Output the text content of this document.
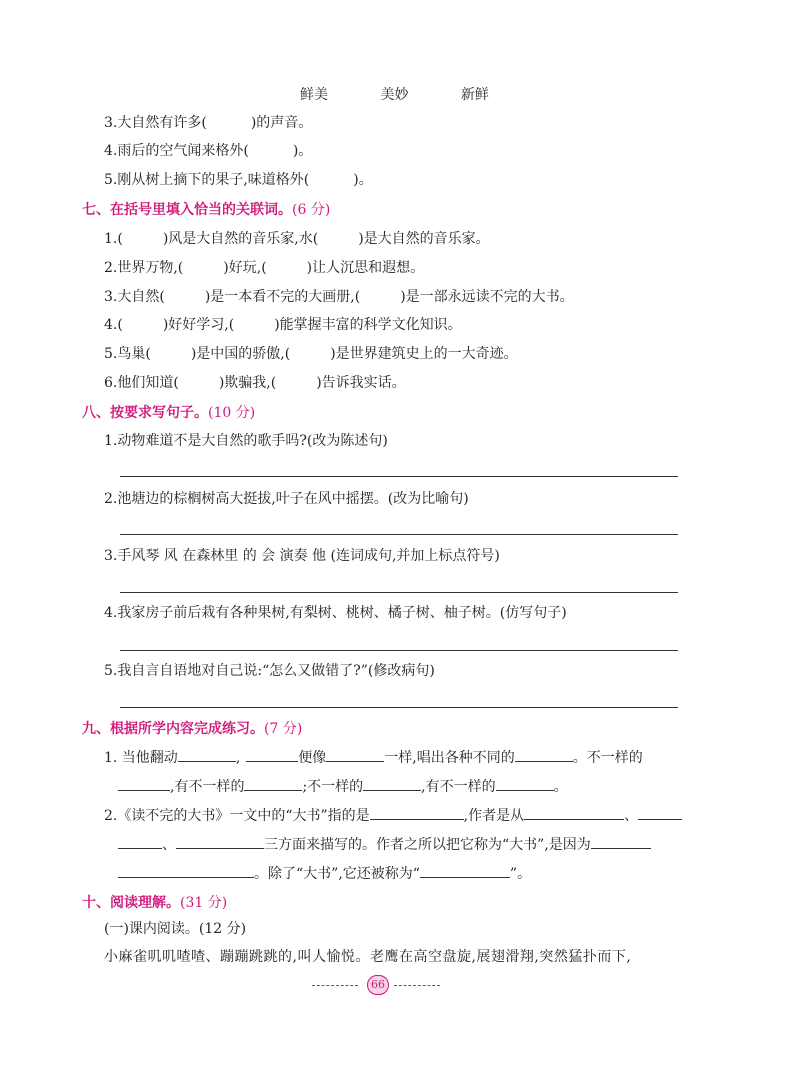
鲜美	美妙	新鲜
3.大自然有许多(	)的声音。
4.雨后的空气闻来格外(	)。
5.刚从树上摘下的果子,味道格外(	)。
七、在括号里填入恰当的关联词。(6 分)
1.(	)风是大自然的音乐家,水(	)是大自然的音乐家。
2.世界万物,(	)好玩,(	)让人沉思和遐想。
3.大自然(	)是一本看不完的大画册,(	)是一部永远读不完的大书。
4.(	)好好学习,(	)能掌握丰富的科学文化知识。
5.鸟巢(	)是中国的骄傲,(	)是世界建筑史上的一大奇迹。
6.他们知道(	)欺骗我,(	)告诉我实话。
八、按要求写句子。(10 分)
1.动物难道不是大自然的歌手吗?(改为陈述句)
2.池塘边的棕榈树高大挺拔,叶子在风中摇摆。(改为比喻句)
3.手风琴 风 在森林里 的 会 演奏 他 (连词成句,并加上标点符号)
4.我家房子前后栽有各种果树,有梨树、桃树、橘子树、柚子树。(仿写句子)
5.我自言自语地对自己说:“怎么又做错了?”(修改病句)
九、根据所学内容完成练习。(7 分)
1. 当他翻动	,	便像	一样,唱出各种不同的	。不一样的
,有不一样的	;不一样的	,有不一样的	。
2.《读不完的大书》一文中的“大书”指的是	,作者是从	、
、	三方面来描写的。作者之所以把它称为“大书”,是因为
。除了“大书”,它还被称为“	”。
十、阅读理解。(31 分)
(一)课内阅读。(12 分)
小麻雀叽叽喳喳、蹦蹦跳跳的,叫人愉悦。老鹰在高空盘旋,展翅滑翔,突然猛扑而下,
66
